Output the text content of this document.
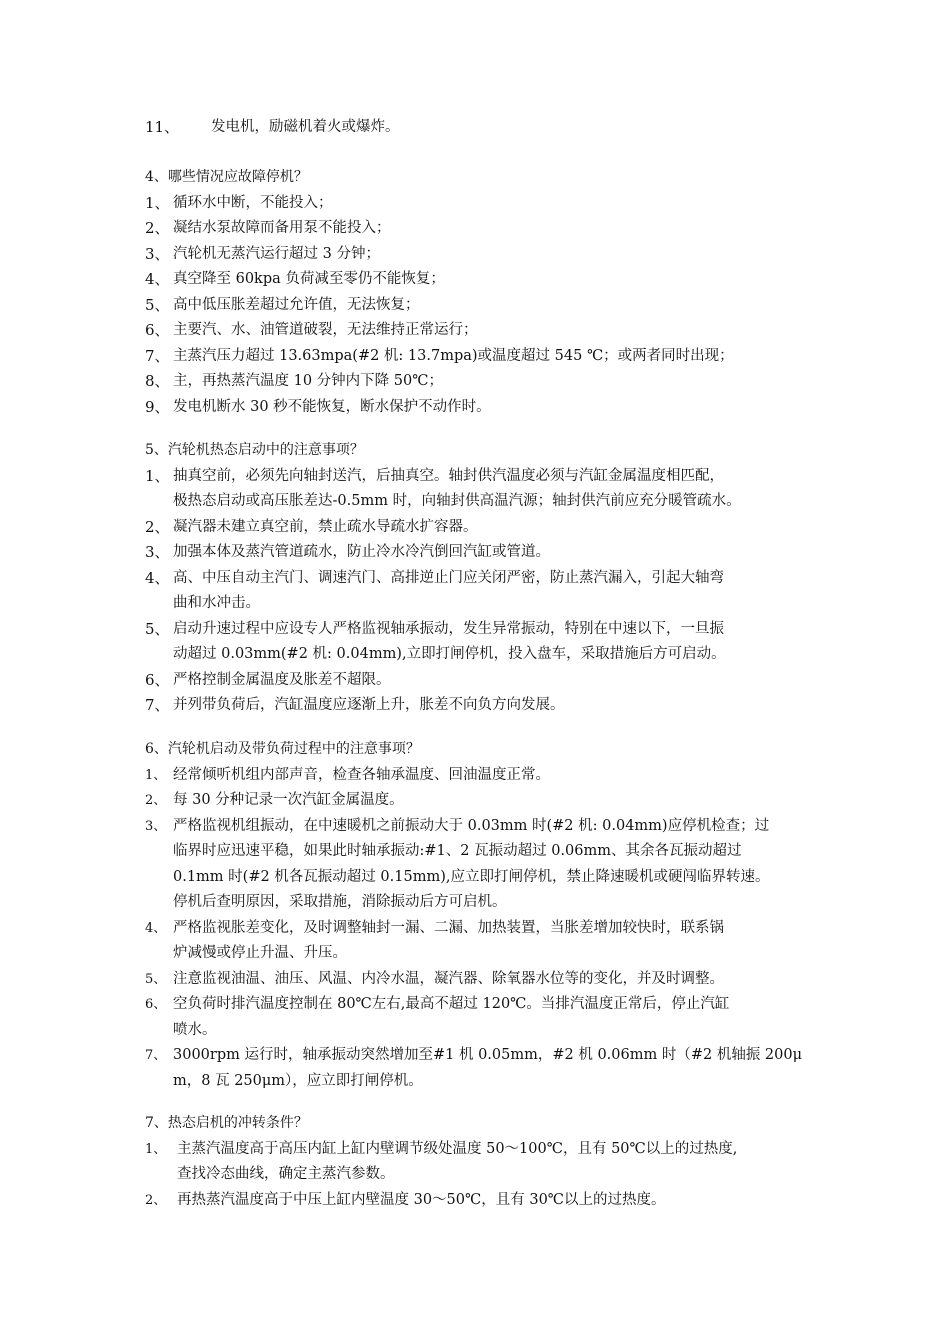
11、	发电机，励磁机着火或爆炸。
4、哪些情况应故障停机？
1、 循环水中断，不能投入；
2、 凝结水泵故障而备用泵不能投入；
3、 汽轮机无蒸汽运行超过 3 分钟；
4、 真空降至 60kpa 负荷减至零仍不能恢复；
5、 高中低压胀差超过允许值，无法恢复；
6、 主要汽、水、油管道破裂，无法维持正常运行；
7、 主蒸汽压力超过 13.63mpa(#2 机: 13.7mpa)或温度超过 545 ℃；或两者同时出现；
8、 主，再热蒸汽温度 10 分钟内下降 50℃；
9、 发电机断水 30 秒不能恢复，断水保护不动作时。
5、汽轮机热态启动中的注意事项？
1、 抽真空前，必须先向轴封送汽，后抽真空。轴封供汽温度必须与汽缸金属温度相匹配，
极热态启动或高压胀差达-0.5mm 时，向轴封供高温汽源；轴封供汽前应充分暖管疏水。
2、 凝汽器未建立真空前，禁止疏水导疏水扩容器。
3、 加强本体及蒸汽管道疏水，防止冷水冷汽倒回汽缸或管道。
4、 高、中压自动主汽门、调速汽门、高排逆止门应关闭严密，防止蒸汽漏入，引起大轴弯
曲和水冲击。
5、 启动升速过程中应设专人严格监视轴承振动，发生异常振动，特别在中速以下，一旦振
动超过 0.03mm(#2 机: 0.04mm),立即打闸停机，投入盘车，采取措施后方可启动。
6、 严格控制金属温度及胀差不超限。
7、 并列带负荷后，汽缸温度应逐渐上升，胀差不向负方向发展。
6、汽轮机启动及带负荷过程中的注意事项？
1、 经常倾听机组内部声音，检查各轴承温度、回油温度正常。
2、 每 30 分种记录一次汽缸金属温度。
3、 严格监视机组振动，在中速暖机之前振动大于 0.03mm 时(#2 机: 0.04mm)应停机检查；过
临界时应迅速平稳，如果此时轴承振动:#1、2 瓦振动超过 0.06mm、其余各瓦振动超过
0.1mm 时(#2 机各瓦振动超过 0.15mm),应立即打闸停机，禁止降速暖机或硬闯临界转速。
停机后查明原因，采取措施，消除振动后方可启机。
4、 严格监视胀差变化，及时调整轴封一漏、二漏、加热装置，当胀差增加较快时，联系锅
炉减慢或停止升温、升压。
5、 注意监视油温、油压、风温、内冷水温，凝汽器、除氧器水位等的变化，并及时调整。
6、 空负荷时排汽温度控制在 80℃左右,最高不超过 120℃。当排汽温度正常后，停止汽缸
喷水。
7、 3000rpm 运行时，轴承振动突然增加至#1 机 0.05mm，#2 机 0.06mm 时（#2 机轴振 200μ
m，8 瓦 250μm），应立即打闸停机。
7、热态启机的冲转条件？
1、 主蒸汽温度高于高压内缸上缸内壁调节级处温度 50～100℃，且有 50℃以上的过热度,
查找冷态曲线，确定主蒸汽参数。
2、 再热蒸汽温度高于中压上缸内壁温度 30～50℃，且有 30℃以上的过热度。
